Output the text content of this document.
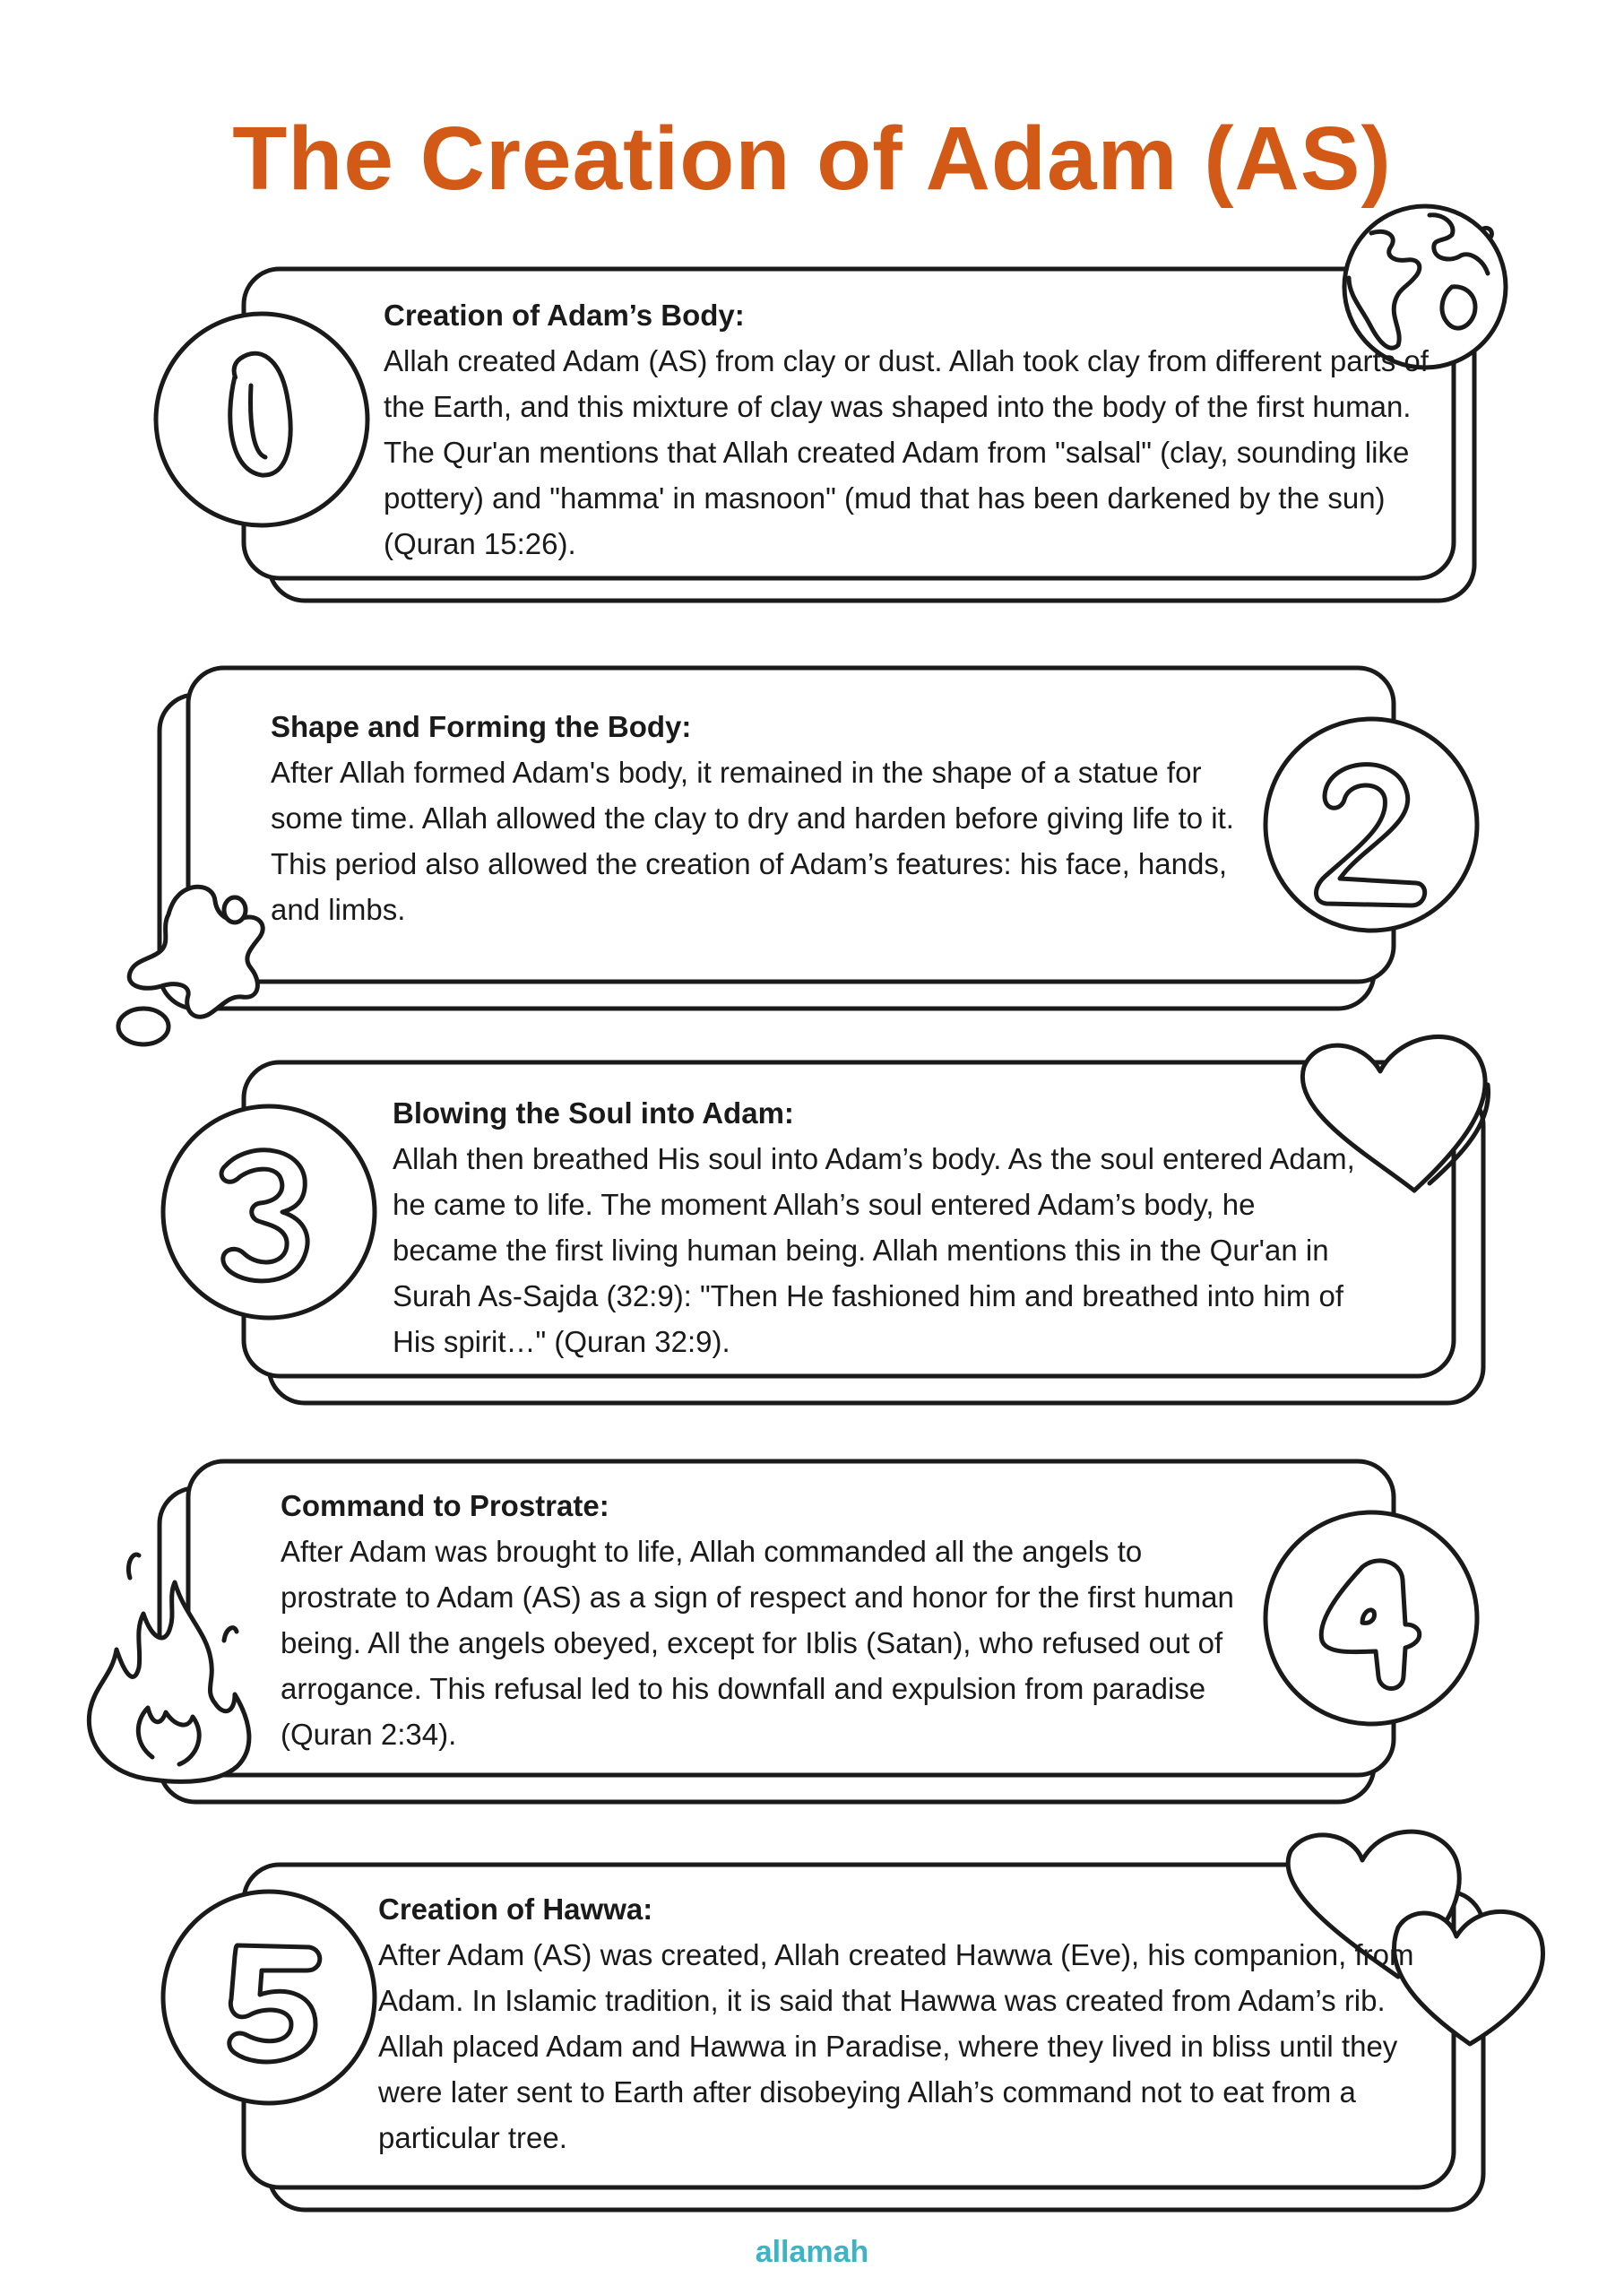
The Creation of Adam (AS)

Creation of Adam’s Body:

Allah created Adam (AS) from clay or dust. Allah took clay from different parts of the Earth, and this mixture of clay was shaped into the body of the first human. The Qur'an mentions that Allah created Adam from "salsal" (clay, sounding like pottery) and "hamma' in masnoon" (mud that has been darkened by the sun) (Quran 15:26).

Shape and Forming the Body:

After Allah formed Adam's body, it remained in the shape of a statue for some time. Allah allowed the clay to dry and harden before giving life to it. This period also allowed the creation of Adam’s features: his face, hands, and limbs.

Blowing the Soul into Adam:

Allah then breathed His soul into Adam’s body. As the soul entered Adam, he came to life. The moment Allah’s soul entered Adam’s body, he became the first living human being. Allah mentions this in the Qur'an in Surah As-Sajda (32:9): "Then He fashioned him and breathed into him of His spirit…" (Quran 32:9).

Command to Prostrate:

After Adam was brought to life, Allah commanded all the angels to prostrate to Adam (AS) as a sign of respect and honor for the first human being. All the angels obeyed, except for Iblis (Satan), who refused out of arrogance. This refusal led to his downfall and expulsion from paradise (Quran 2:34).

Creation of Hawwa:

After Adam (AS) was created, Allah created Hawwa (Eve), his companion, from Adam. In Islamic tradition, it is said that Hawwa was created from Adam’s rib. Allah placed Adam and Hawwa in Paradise, where they lived in bliss until they were later sent to Earth after disobeying Allah’s command not to eat from a particular tree.

allamah
